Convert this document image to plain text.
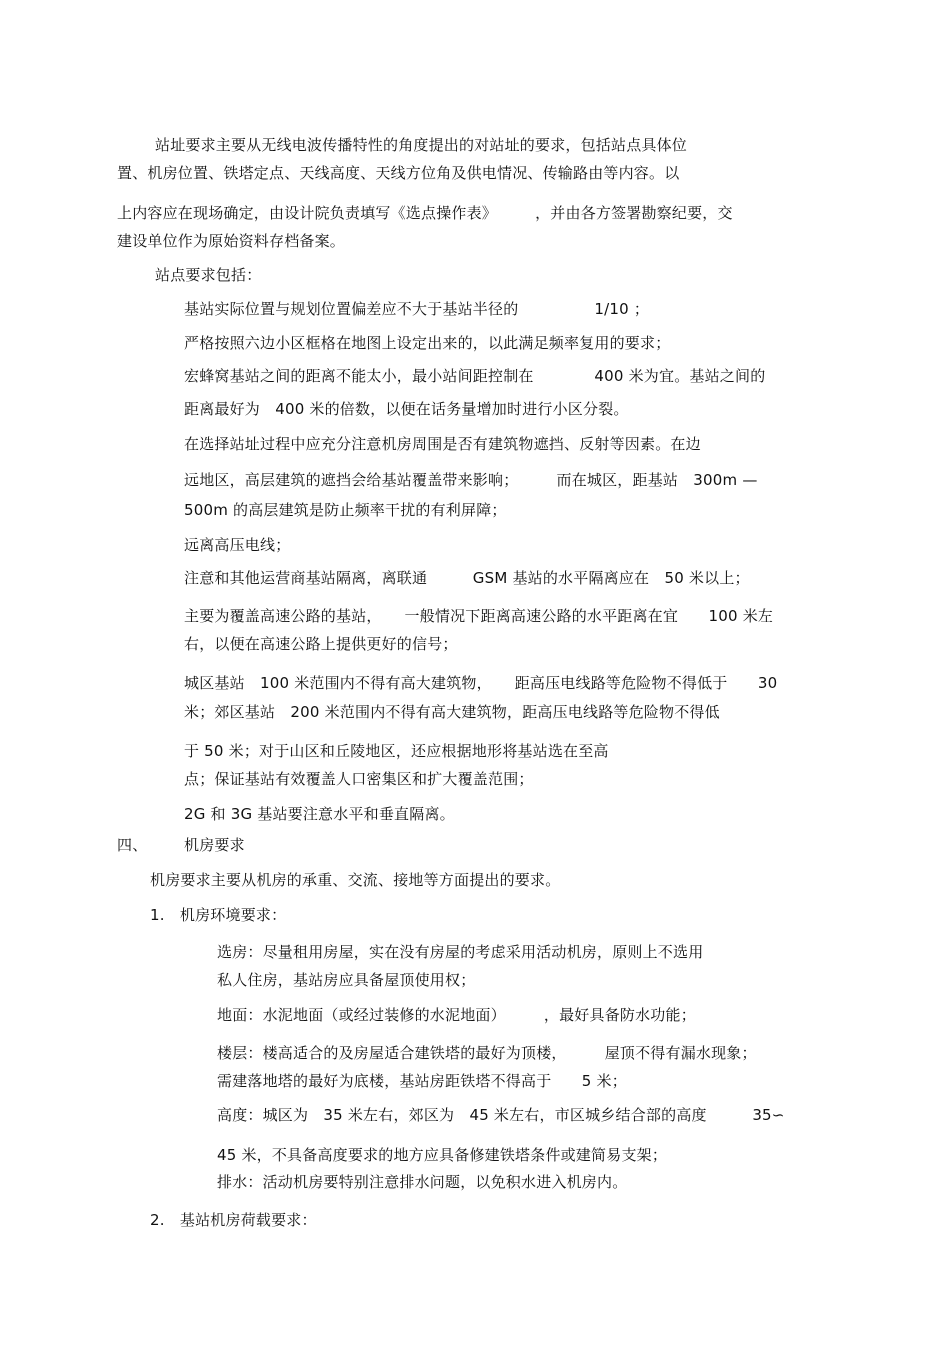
站址要求主要从无线电波传播特性的角度提出的对站址的要求，包括站点具体位

置、机房位置、铁塔定点、天线高度、天线方位角及供电情况、传输路由等内容。以

上内容应在现场确定，由设计院负责填写《选点操作表》　　　，并由各方签署勘察纪要，交

建设单位作为原始资料存档备案。

站点要求包括：

基站实际位置与规划位置偏差应不大于基站半径的　　　　　1/10 ；

严格按照六边小区框格在地图上设定出来的，以此满足频率复用的要求；

宏蜂窝基站之间的距离不能太小，最小站间距控制在　　　　400 米为宜。基站之间的

距离最好为　400 米的倍数，以便在话务量增加时进行小区分裂。

在选择站址过程中应充分注意机房周围是否有建筑物遮挡、反射等因素。在边

远地区，高层建筑的遮挡会给基站覆盖带来影响；　　　而在城区，距基站　300m —

500m 的高层建筑是防止频率干扰的有利屏障；

远离高压电线；

注意和其他运营商基站隔离，离联通　　　GSM 基站的水平隔离应在　50 米以上；

主要为覆盖高速公路的基站，　　一般情况下距离高速公路的水平距离在宜　　100 米左

右，以便在高速公路上提供更好的信号；

城区基站　100 米范围内不得有高大建筑物，　　距高压电线路等危险物不得低于　　30

米；郊区基站　200 米范围内不得有高大建筑物，距高压电线路等危险物不得低

于 50 米；对于山区和丘陵地区，还应根据地形将基站选在至高

点；保证基站有效覆盖人口密集区和扩大覆盖范围；

2G 和 3G 基站要注意水平和垂直隔离。

四、 机房要求

机房要求主要从机房的承重、交流、接地等方面提出的要求。

1.　机房环境要求：

选房：尽量租用房屋，实在没有房屋的考虑采用活动机房，原则上不选用

私人住房，基站房应具备屋顶使用权；

地面：水泥地面（或经过装修的水泥地面）　　　，最好具备防水功能；

楼层：楼高适合的及房屋适合建铁塔的最好为顶楼，　　　屋顶不得有漏水现象；

需建落地塔的最好为底楼，基站房距铁塔不得高于　　5 米；

高度：城区为　35 米左右，郊区为　45 米左右，市区城乡结合部的高度　　　35∽

45 米，不具备高度要求的地方应具备修建铁塔条件或建简易支架；

排水：活动机房要特别注意排水问题，以免积水进入机房内。

2.　基站机房荷载要求：
